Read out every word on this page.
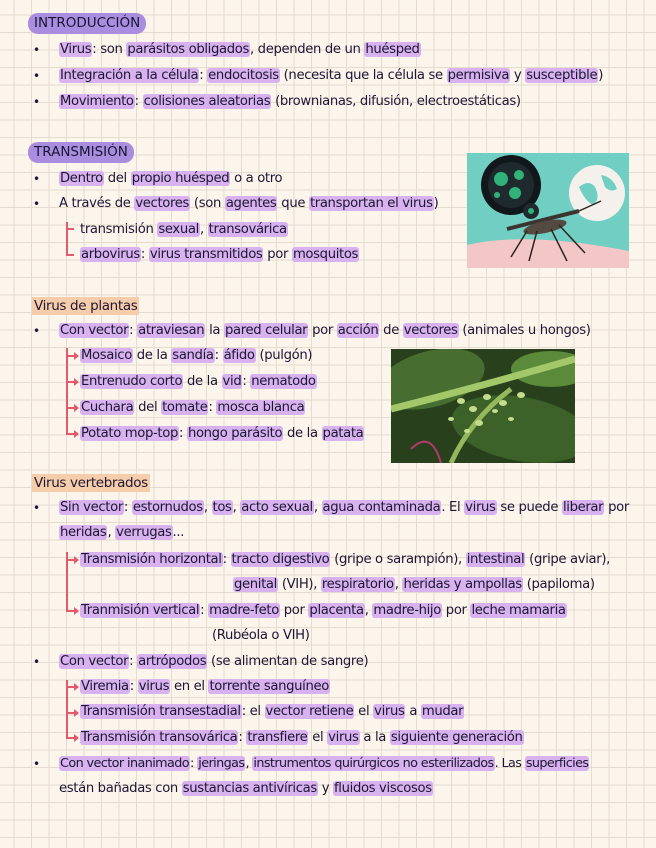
INTRODUCCIÓN
• Virus: son parásitos obligados, dependen de un huésped
• Integración a la célula: endocitosis (necesita que la célula se permisiva y susceptible)
• Movimiento: colisiones aleatorias (brownianas, difusión, electroestáticas)
TRANSMISIÓN
• Dentro del propio huésped o a otro
• A través de vectores (son agentes que transportan el virus)
transmisión sexual, transovárica
arbovirus: virus transmitidos por mosquitos
Virus de plantas
• Con vector: atraviesan la pared celular por acción de vectores (animales u hongos)
Mosaico de la sandía: áfido (pulgón)
Entrenudo corto de la vid: nematodo
Cuchara del tomate: mosca blanca
Potato mop-top: hongo parásito de la patata
Virus vertebrados
• Sin vector: estornudos, tos, acto sexual, agua contaminada. El virus se puede liberar por
heridas, verrugas...
Transmisión horizontal: tracto digestivo (gripe o sarampión), intestinal (gripe aviar),
genital (VIH), respiratorio, heridas y ampollas (papiloma)
Tranmisión vertical: madre-feto por placenta, madre-hijo por leche mamaria
(Rubéola o VIH)
• Con vector: artrópodos (se alimentan de sangre)
Viremia: virus en el torrente sanguíneo
Transmisión transestadial: el vector retiene el virus a mudar
Transmisión transovárica: transfiere el virus a la siguiente generación
• Con vector inanimado: jeringas, instrumentos quirúrgicos no esterilizados. Las superficies
están bañadas con sustancias antivíricas y fluidos viscosos
